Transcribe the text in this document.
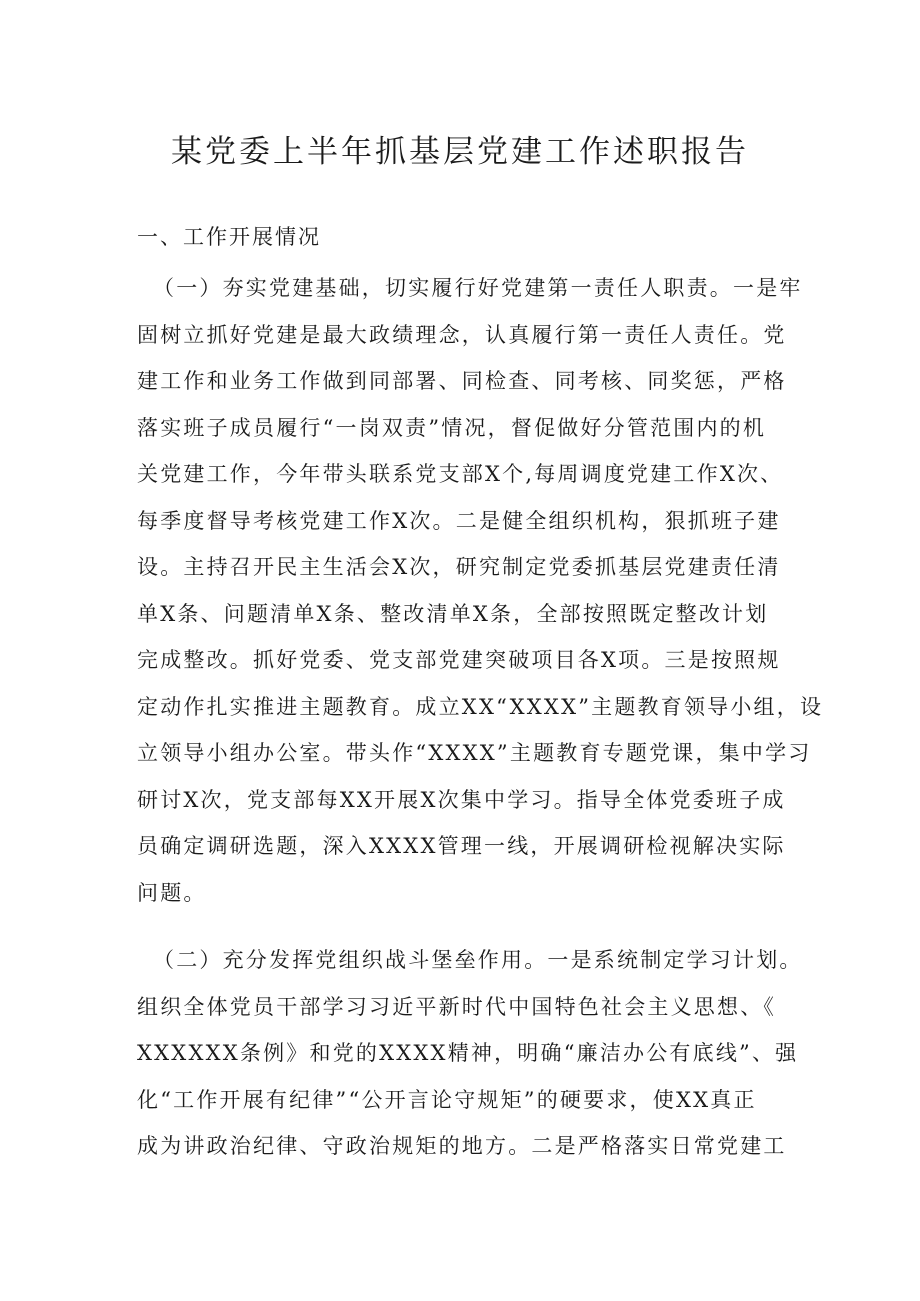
某党委上半年抓基层党建工作述职报告
一、工作开展情况
（一）夯实党建基础，切实履行好党建第一责任人职责。一是牢
固树立抓好党建是最大政绩理念，认真履行第一责任人责任。党
建工作和业务工作做到同部署、同检查、同考核、同奖惩，严格
落实班子成员履行“一岗双责”情况，督促做好分管范围内的机
关党建工作，今年带头联系党支部X个,每周调度党建工作X次、
每季度督导考核党建工作X次。二是健全组织机构，狠抓班子建
设。主持召开民主生活会X次，研究制定党委抓基层党建责任清
单X条、问题清单X条、整改清单X条，全部按照既定整改计划
完成整改。抓好党委、党支部党建突破项目各X项。三是按照规
定动作扎实推进主题教育。成立XX“XXXX”主题教育领导小组，设
立领导小组办公室。带头作“XXXX”主题教育专题党课，集中学习
研讨X次，党支部每XX开展X次集中学习。指导全体党委班子成
员确定调研选题，深入XXXX管理一线，开展调研检视解决实际
问题。
（二）充分发挥党组织战斗堡垒作用。一是系统制定学习计划。
组织全体党员干部学习习近平新时代中国特色社会主义思想、《
XXXXXX条例》和党的XXXX精神，明确“廉洁办公有底线”、强
化“工作开展有纪律”“公开言论守规矩”的硬要求，使XX真正
成为讲政治纪律、守政治规矩的地方。二是严格落实日常党建工
